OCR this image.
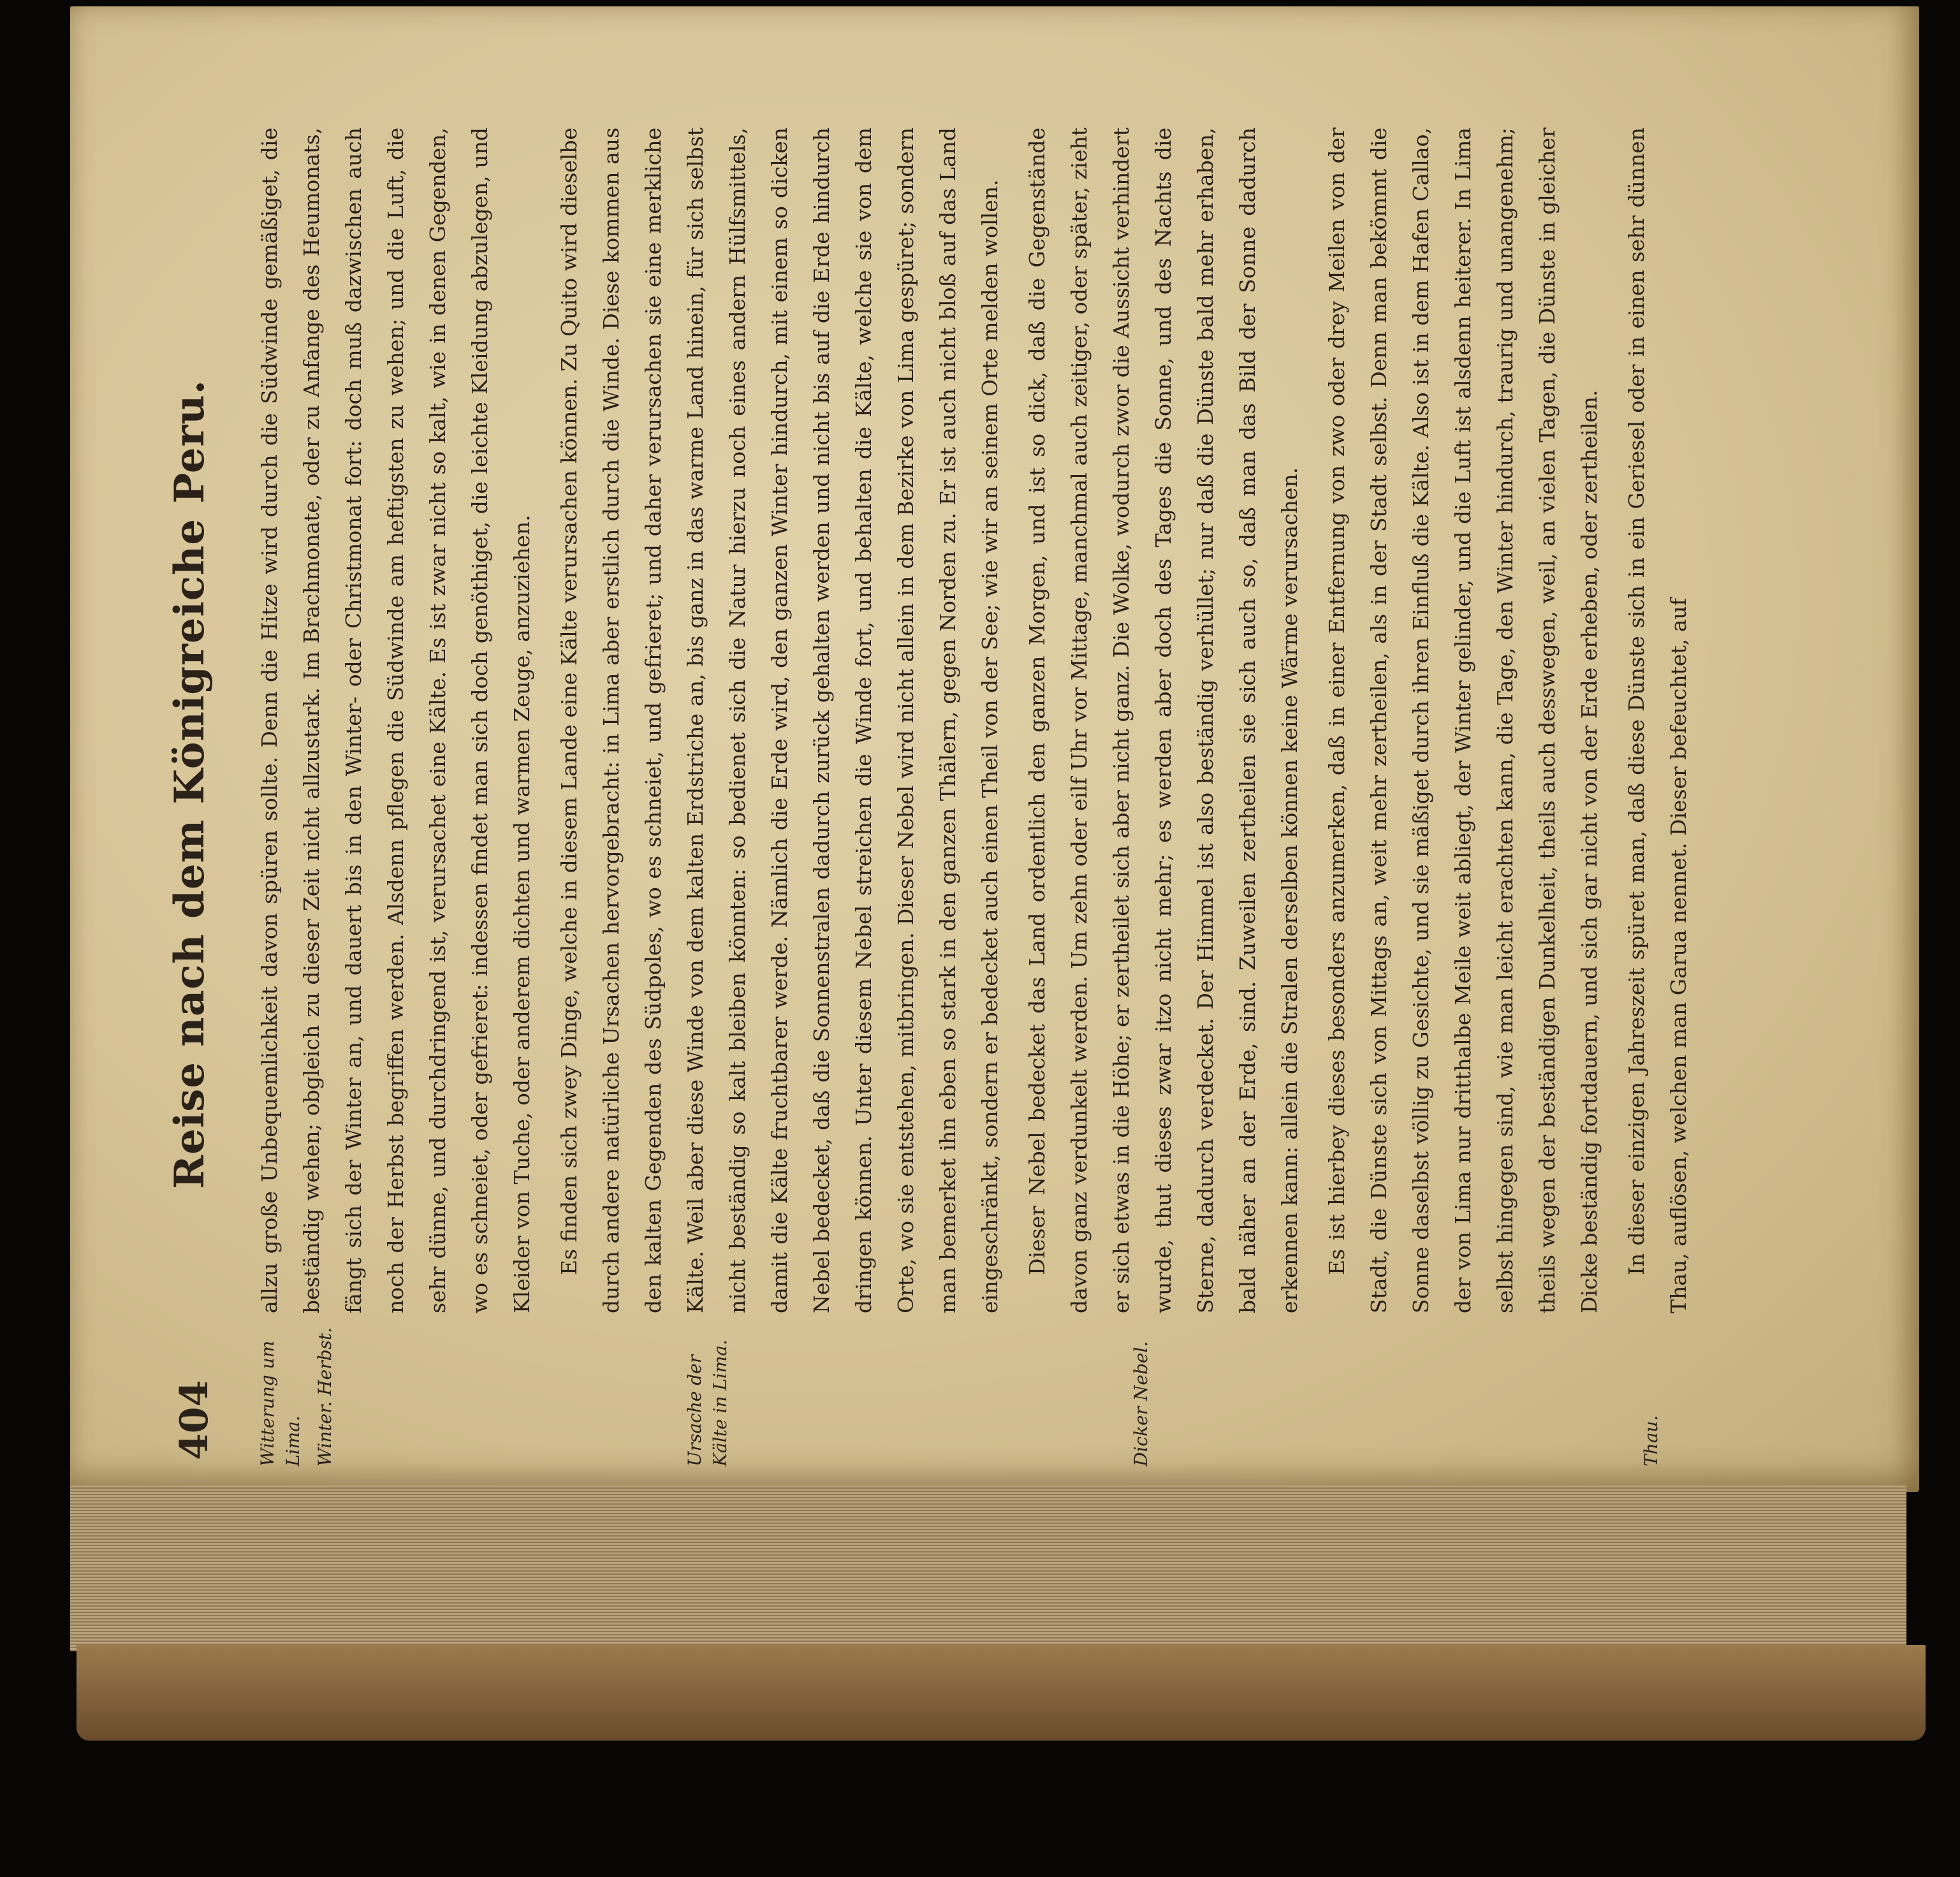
404
Reise nach dem Königreiche Peru.
Witterung um Lima. Winter. Herbst.	Ursache der Kälte in Lima.	Dicker Nebel.	Thau.

allzu große Unbequemlichkeit davon spüren sollte. Denn die Hitze wird durch die Südwinde gemäßiget, die beständig wehen; obgleich zu dieser Zeit nicht allzustark. Im Brachmonate, oder zu Anfange des Heumonats, fängt sich der Winter an, und dauert bis in den Winter- oder Christmonat fort: doch muß dazwischen auch noch der Herbst begriffen werden. Alsdenn pflegen die Südwinde am heftigsten zu wehen; und die Luft, die sehr dünne, und durchdringend ist, verursachet eine Kälte. Es ist zwar nicht so kalt, wie in denen Gegenden, wo es schneiet, oder gefrieret: indessen findet man sich doch genöthiget, die leichte Kleidung abzulegen, und Kleider von Tuche, oder anderem dichten und warmen Zeuge, anzuziehen.	Es finden sich zwey Dinge, welche in diesem Lande eine Kälte verursachen können. Zu Quito wird dieselbe durch andere natürliche Ursachen hervorgebracht: in Lima aber erstlich durch die Winde. Diese kommen aus den kalten Gegenden des Südpoles, wo es schneiet, und gefrieret; und daher verursachen sie eine merkliche Kälte. Weil aber diese Winde von dem kalten Erdstriche an, bis ganz in das warme Land hinein, für sich selbst nicht beständig so kalt bleiben könnten: so bedienet sich die Natur hierzu noch eines andern Hülfsmittels, damit die Kälte fruchtbarer werde. Nämlich die Erde wird, den ganzen Winter hindurch, mit einem so dicken Nebel bedecket, daß die Sonnenstralen dadurch zurück gehalten werden und nicht bis auf die Erde hindurch dringen können. Unter diesem Nebel streichen die Winde fort, und behalten die Kälte, welche sie von dem Orte, wo sie entstehen, mitbringen. Dieser Nebel wird nicht allein in dem Bezirke von Lima gespüret; sondern man bemerket ihn eben so stark in den ganzen Thälern, gegen Norden zu. Er ist auch nicht bloß auf das Land eingeschränkt, sondern er bedecket auch einen Theil von der See; wie wir an seinem Orte melden wollen.	Dieser Nebel bedecket das Land ordentlich den ganzen Morgen, und ist so dick, daß die Gegenstände davon ganz verdunkelt werden. Um zehn oder eilf Uhr vor Mittage, manchmal auch zeitiger, oder später, zieht er sich etwas in die Höhe; er zertheilet sich aber nicht ganz. Die Wolke, wodurch zwor die Aussicht verhindert wurde, thut dieses zwar itzo nicht mehr; es werden aber doch des Tages die Sonne, und des Nachts die Sterne, dadurch verdecket. Der Himmel ist also beständig verhüllet; nur daß die Dünste bald mehr erhaben, bald näher an der Erde, sind. Zuweilen zertheilen sie sich auch so, daß man das Bild der Sonne dadurch erkennen kann: allein die Stralen derselben können keine Wärme verursachen.	Es ist hierbey dieses besonders anzumerken, daß in einer Entfernung von zwo oder drey Meilen von der Stadt, die Dünste sich von Mittags an, weit mehr zertheilen, als in der Stadt selbst. Denn man bekömmt die Sonne daselbst völlig zu Gesichte, und sie mäßiget durch ihren Einfluß die Kälte. Also ist in dem Hafen Callao, der von Lima nur dritthalbe Meile weit abliegt, der Winter gelinder, und die Luft ist alsdenn heiterer. In Lima selbst hingegen sind, wie man leicht erachten kann, die Tage, den Winter hindurch, traurig und unangenehm; theils wegen der beständigen Dunkelheit, theils auch desswegen, weil, an vielen Tagen, die Dünste in gleicher Dicke beständig fortdauern, und sich gar nicht von der Erde erheben, oder zertheilen.	In dieser einzigen Jahreszeit spüret man, daß diese Dünste sich in ein Geriesel oder in einen sehr dünnen Thau, auflösen, welchen man Garua nennet. Dieser befeuchtet, auf
